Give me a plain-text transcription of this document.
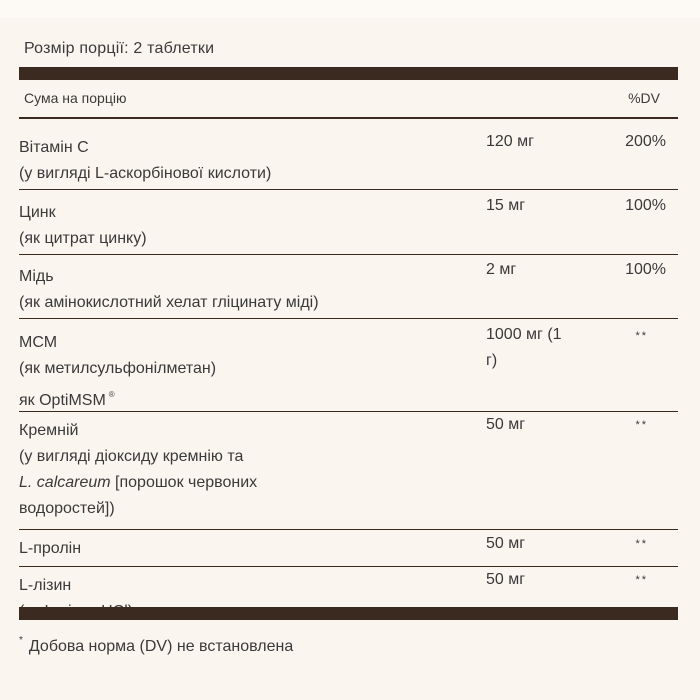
Розмір порції: 2 таблетки
Сума на порцію	%DV
Вітамін C
(у вигляді L-аскорбінової кислоти)
120 мг	200%
Цинк
(як цитрат цинку)
15 мг	100%
Мідь
(як амінокислотний хелат гліцинату міді)
2 мг	100%
МСМ
(як метилсульфонілметан)
як OptiMSM ®
1000 мг (1
г)
**
Кремній
(у вигляді діоксиду кремнію та
L. calcareum [порошок червоних
водоростей])
50 мг	**
L-пролін	50 мг	**
L-лізин	50 мг	**
* Добова норма (DV) не встановлена
